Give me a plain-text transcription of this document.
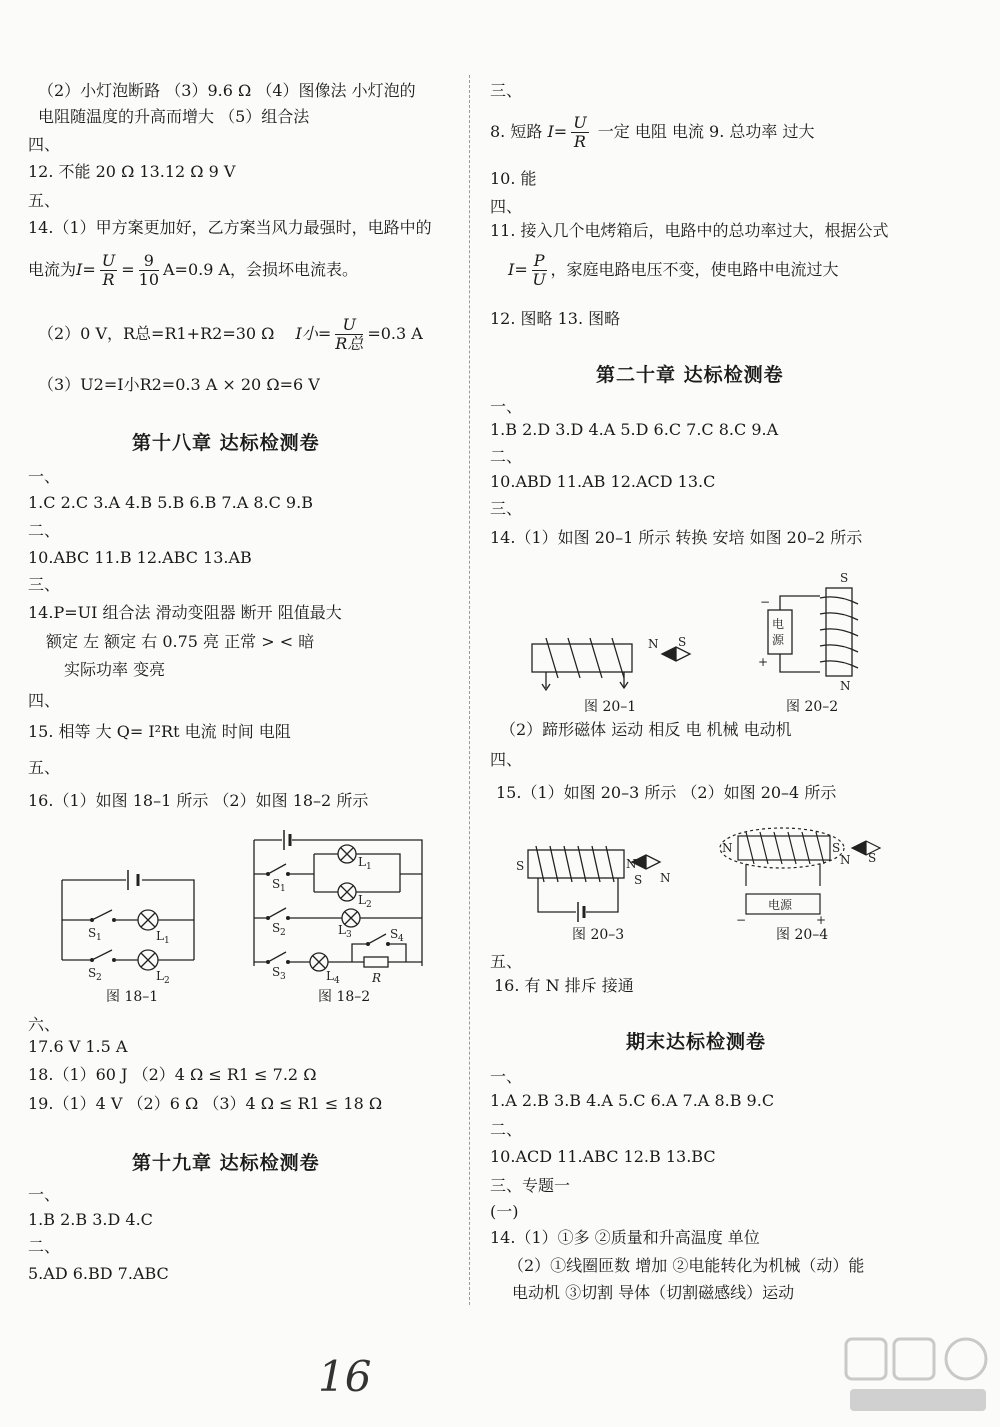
（2）小灯泡断路 （3）9.6 Ω （4）图像法 小灯泡的
电阻随温度的升高而增大 （5）组合法
四、
12. 不能 20 Ω 13.12 Ω 9 V
五、
14.（1）甲方案更加好，乙方案当风力最强时，电路中的
电流为$I= \frac{U}{R} = \frac{9}{10} A=0.9$ A，会损坏电流表。
（2）0 V，R总=R1+R2=30 Ω I小= $\frac{U}{\text{R总}} =0.3$ A
（3）U2=I小R2=0.3 A × 20 Ω=6 V
第十八章 达标检测卷
一、
1.C 2.C 3.A 4.B 5.B 6.B 7.A 8.C 9.B
二、
10.ABC 11.B 12.ABC 13.AB
三、
14.P=UI 组合法 滑动变阻器 断开 阻值最大
额定 左 额定 右 0.75 亮 正常 > < 暗
实际功率 变亮
四、
15. 相等 大 Q= I²Rt 电流 时间 电阻
五、
16.（1）如图 18–1 所示 （2）如图 18–2 所示
S 1	L 1
S 2	L 2
图 18–1
S 1
L 1
L 2
S 2	L 3	S 4
S 3	L 4	R
图 18–2
六、
17.6 V 1.5 A
18.（1）60 J （2）4 Ω ≤ R1 ≤ 7.2 Ω
19.（1）4 V （2）6 Ω （3）4 Ω ≤ R1 ≤ 18 Ω
第十九章 达标检测卷
一、
1.B 2.B 3.D 4.C
二、
5.AD 6.BD 7.ABC
三、
8. 短路 $I= \frac{U}{R}$ 一定 电阻 电流 9. 总功率 过大
10. 能
四、
11. 接入几个电烤箱后，电路中的总功率过大，根据公式
$I= \frac{P}{U}$ ，家庭电路电压不变，使电路中电流过大
12. 图略 13. 图略
第二十章 达标检测卷
一、
1.B 2.D 3.D 4.A 5.D 6.C 7.C 8.C 9.A
二、
10.ABD 11.AB 12.ACD 13.C
三、
14.（1）如图 20–1 所示 转换 安培 如图 20–2 所示
N S
图 20–1
S
N
−
+
电
源
图 20–2
（2）蹄形磁体 运动 相反 电 机械 电动机
四、
15.（1）如图 20–3 所示 （2）如图 20–4 所示
S	N
S N
图 20–3
N	S
N S
电源
−	+
图 20–4
五、
16. 有 N 排斥 接通
期末达标检测卷
一、
1.A 2.B 3.B 4.A 5.C 6.A 7.A 8.B 9.C
二、
10.ACD 11.ABC 12.B 13.BC
三、专题一
(一)
14.（1）①多 ②质量和升高温度 单位
（2）①线圈匝数 增加 ②电能转化为机械（动）能
电动机 ③切割 导体（切割磁感线）运动
16
